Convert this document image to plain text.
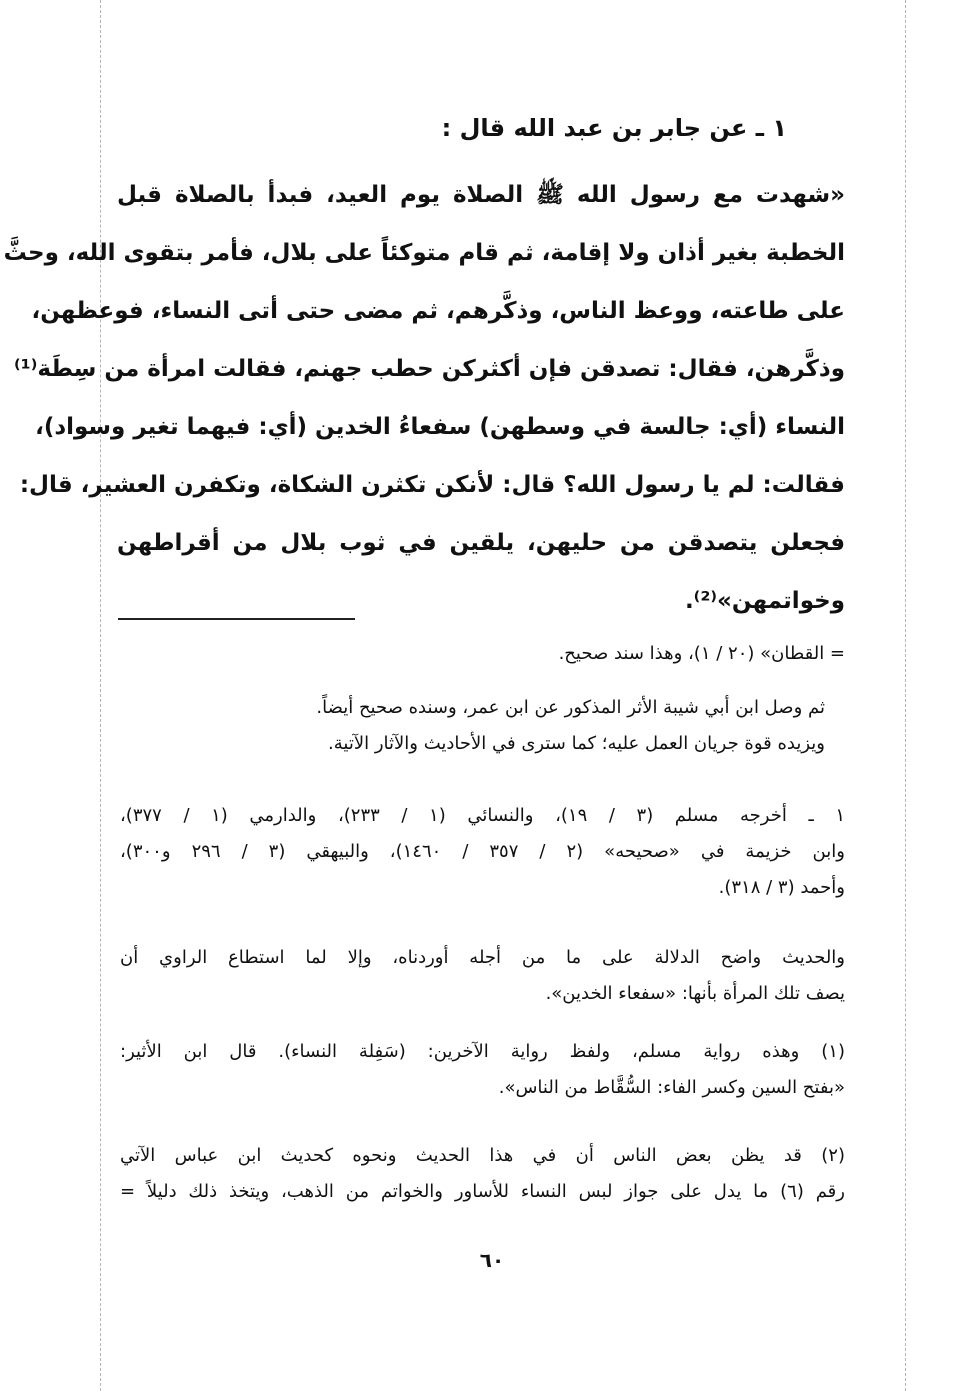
١ ـ عن جابر بن عبد الله قال :
«شهدت مع رسول الله ﷺ الصلاة يوم العيد، فبدأ بالصلاة قبل
الخطبة بغير أذان ولا إقامة، ثم قام متوكئاً على بلال، فأمر بتقوى الله، وحثَّ
على طاعته، ووعظ الناس، وذكَّرهم، ثم مضى حتى أتى النساء، فوعظهن،
وذكَّرهن، فقال: تصدقن فإن أكثركن حطب جهنم، فقالت امرأة من سِطَة⁽¹⁾
النساء (أي: جالسة في وسطهن) سفعاءُ الخدين (أي: فيهما تغير وسواد)،
فقالت: لم يا رسول الله؟ قال: لأنكن تكثرن الشكاة، وتكفرن العشير، قال:
فجعلن يتصدقن من حليهن، يلقين في ثوب بلال من أقراطهن
وخواتمهن»⁽²⁾.
= القطان» (٢٠ / ١)، وهذا سند صحيح.
ثم وصل ابن أبي شيبة الأثر المذكور عن ابن عمر، وسنده صحيح أيضاً.
ويزيده قوة جريان العمل عليه؛ كما سترى في الأحاديث والآثار الآتية.
١ ـ أخرجه مسلم (٣ / ١٩)، والنسائي (١ / ٢٣٣)، والدارمي (١ / ٣٧٧)،
وابن خزيمة في «صحيحه» (٢ / ٣٥٧ / ١٤٦٠)، والبيهقي (٣ / ٢٩٦ و٣٠٠)،
وأحمد (٣ / ٣١٨).
والحديث واضح الدلالة على ما من أجله أوردناه، وإلا لما استطاع الراوي أن
يصف تلك المرأة بأنها: «سفعاء الخدين».
(١) وهذه رواية مسلم، ولفظ رواية الآخرين: (سَفِلة النساء). قال ابن الأثير:
«بفتح السين وكسر الفاء: السُّقَّاط من الناس».
(٢) قد يظن بعض الناس أن في هذا الحديث ونحوه كحديث ابن عباس الآتي
رقم (٦) ما يدل على جواز لبس النساء للأساور والخواتم من الذهب، ويتخذ ذلك دليلاً =
٦٠
